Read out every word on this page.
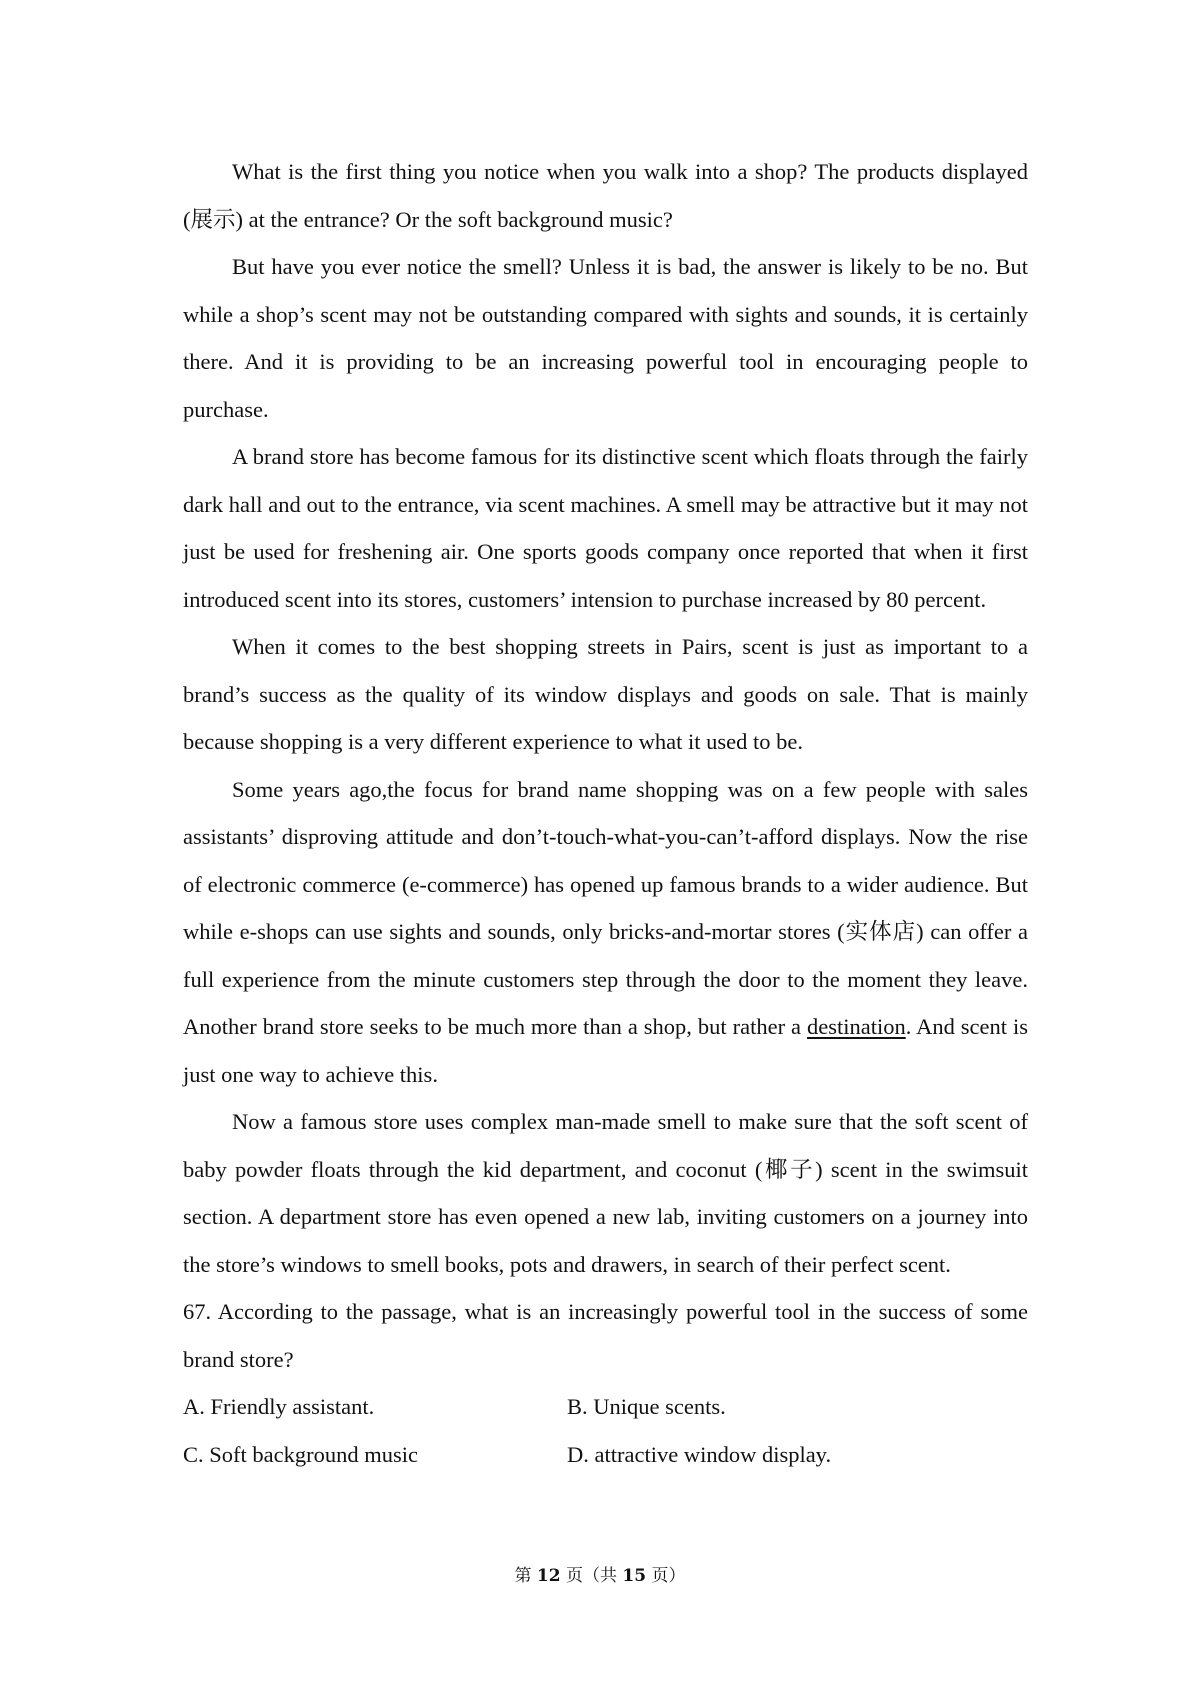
What is the first thing you notice when you walk into a shop? The products displayed (展示) at the entrance? Or the soft background music?

But have you ever notice the smell? Unless it is bad, the answer is likely to be no. But while a shop’s scent may not be outstanding compared with sights and sounds, it is certainly there. And it is providing to be an increasing powerful tool in encouraging people to purchase.

A brand store has become famous for its distinctive scent which floats through the fairly dark hall and out to the entrance, via scent machines. A smell may be attractive but it may not just be used for freshening air. One sports goods company once reported that when it first introduced scent into its stores, customers’ intension to purchase increased by 80 percent.

When it comes to the best shopping streets in Pairs, scent is just as important to a brand’s success as the quality of its window displays and goods on sale. That is mainly because shopping is a very different experience to what it used to be.

Some years ago,the focus for brand name shopping was on a few people with sales assistants’ disproving attitude and don’t-touch-what-you-can’t-afford displays. Now the rise of electronic commerce (e-commerce) has opened up famous brands to a wider audience. But while e-shops can use sights and sounds, only bricks-and-mortar stores (实体店) can offer a full experience from the minute customers step through the door to the moment they leave. Another brand store seeks to be much more than a shop, but rather a destination. And scent is just one way to achieve this.

Now a famous store uses complex man-made smell to make sure that the soft scent of baby powder floats through the kid department, and coconut (椰子) scent in the swimsuit section. A department store has even opened a new lab, inviting customers on a journey into the store’s windows to smell books, pots and drawers, in search of their perfect scent.

67. According to the passage, what is an increasingly powerful tool in the success of some brand store?
A. Friendly assistant.	B. Unique scents.
C. Soft background music	D. attractive window display.
第 12 页（共 15 页）
